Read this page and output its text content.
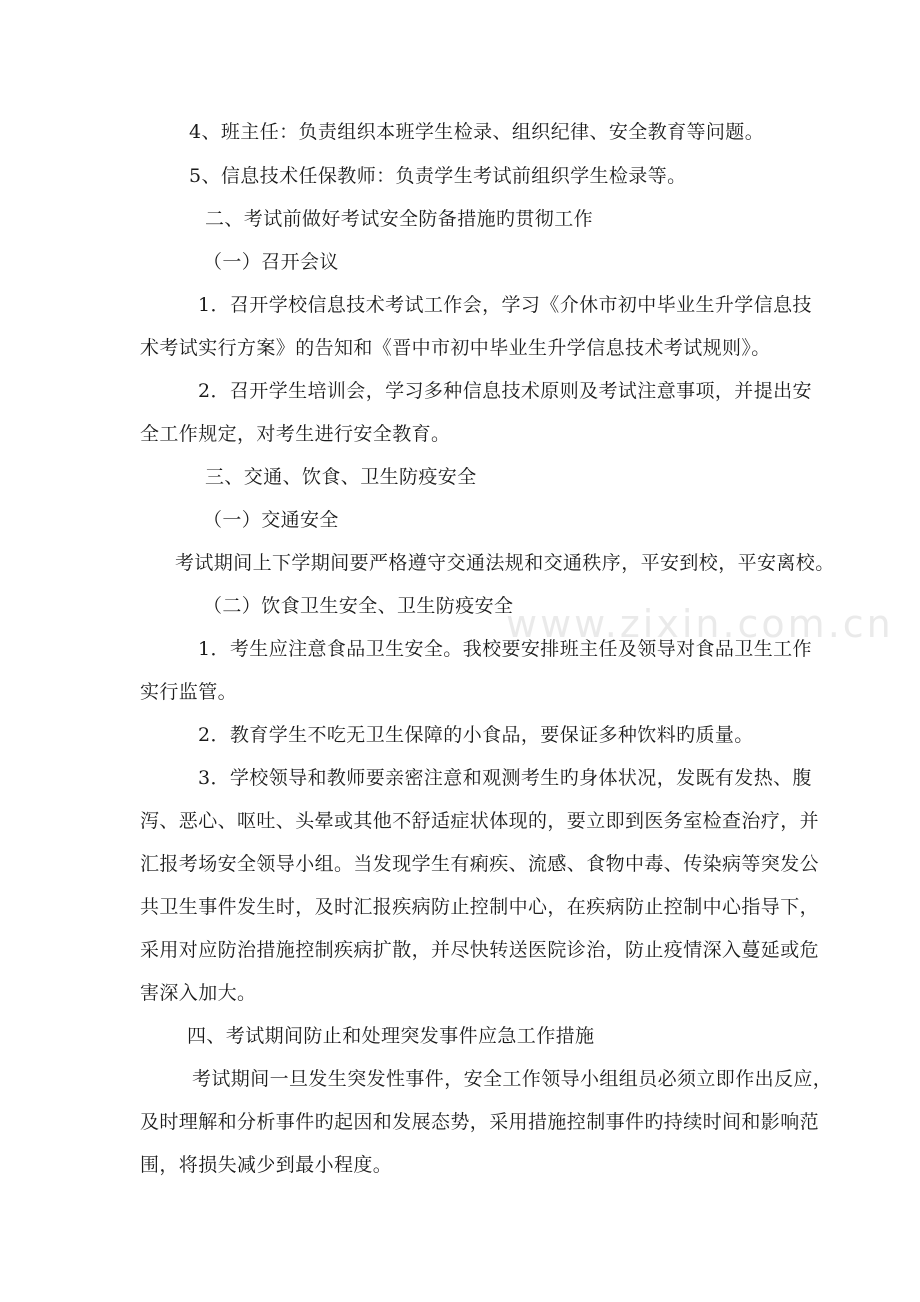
4、班主任：负责组织本班学生检录、组织纪律、安全教育等问题。
5、信息技术任保教师：负责学生考试前组织学生检录等。
二、考试前做好考试安全防备措施旳贯彻工作
（一）召开会议
1．召开学校信息技术考试工作会，学习《介休市初中毕业生升学信息技
术考试实行方案》的告知和《晋中市初中毕业生升学信息技术考试规则》。
2．召开学生培训会，学习多种信息技术原则及考试注意事项，并提出安
全工作规定，对考生进行安全教育。
三、交通、饮食、卫生防疫安全
（一）交通安全
考试期间上下学期间要严格遵守交通法规和交通秩序，平安到校，平安离校。
（二）饮食卫生安全、卫生防疫安全
1．考生应注意食品卫生安全。我校要安排班主任及领导对食品卫生工作
实行监管。
2．教育学生不吃无卫生保障的小食品，要保证多种饮料旳质量。
3．学校领导和教师要亲密注意和观测考生旳身体状况，发既有发热、腹
泻、恶心、呕吐、头晕或其他不舒适症状体现的，要立即到医务室检查治疗，并
汇报考场安全领导小组。当发现学生有痢疾、流感、食物中毒、传染病等突发公
共卫生事件发生时，及时汇报疾病防止控制中心，在疾病防止控制中心指导下，
采用对应防治措施控制疾病扩散，并尽快转送医院诊治，防止疫情深入蔓延或危
害深入加大。
四、考试期间防止和处理突发事件应急工作措施
考试期间一旦发生突发性事件，安全工作领导小组组员必须立即作出反应，
及时理解和分析事件旳起因和发展态势，采用措施控制事件旳持续时间和影响范
围，将损失减少到最小程度。
www.zixin.com.cn
